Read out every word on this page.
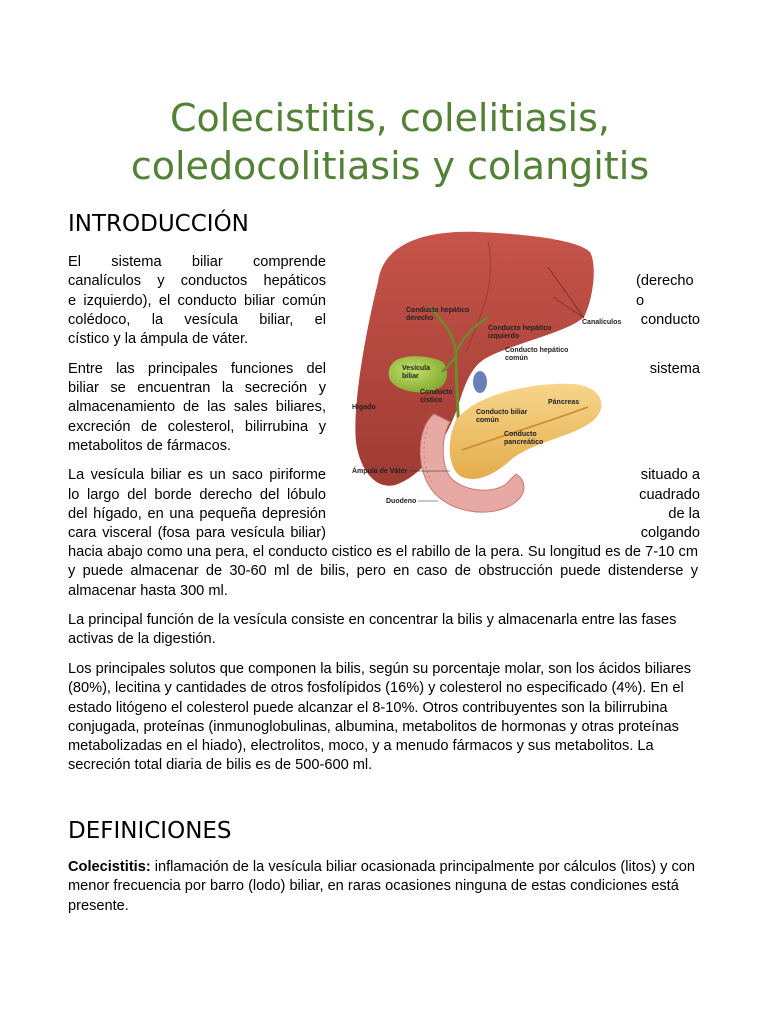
Colecistitis, colelitiasis,
coledocolitiasis y colangitis
INTRODUCCIÓN
El sistema biliar comprende
canalículos y conductos hepáticos
e izquierdo), el conducto biliar común
colédoco, la vesícula biliar, el
cístico y la ámpula de váter.
(derecho
o
conducto
Entre las principales funciones del
biliar se encuentran la secreción y
almacenamiento de las sales biliares,
excreción de colesterol, bilirrubina y
metabolitos de fármacos.
sistema
La vesícula biliar es un saco piriforme
lo largo del borde derecho del lóbulo
del hígado, en una pequeña depresión
cara visceral (fosa para vesícula biliar)
situado a
cuadrado
de la
colgando

hacia abajo como una pera, el conducto cistico es el rabillo de la pera. Su longitud es de 7-10 cm y puede almacenar de 30-60 ml de bilis, pero en caso de obstrucción puede distenderse y almacenar hasta 300 ml.

La principal función de la vesícula consiste en concentrar la bilis y almacenarla entre las fases activas de la digestión.

Los principales solutos que componen la bilis, según su porcentaje molar, son los ácidos biliares (80%), lecitina y cantidades de otros fosfolípidos (16%) y colesterol no especificado (4%). En el estado litógeno el colesterol puede alcanzar el 8-10%. Otros contribuyentes son la bilirrubina conjugada, proteínas (inmunoglobulinas, albumina, metabolitos de hormonas y otras proteínas metabolizadas en el hiado), electrolitos, moco, y a menudo fármacos y sus metabolitos. La secreción total diaria de bilis es de 500-600 ml.

Conducto hepático
derecho
Conducto hepático
izquierdo
Conducto hepático
común
Canalículos
Vesícula
biliar
Conducto
cístico
Hígado
Páncreas
Conducto biliar
común
Conducto
pancreático
Ámpula de Váter
Duodeno
DEFINICIONES

Colecistitis: inflamación de la vesícula biliar ocasionada principalmente por cálculos (litos) y con menor frecuencia por barro (lodo) biliar, en raras ocasiones ninguna de estas condiciones está presente.
